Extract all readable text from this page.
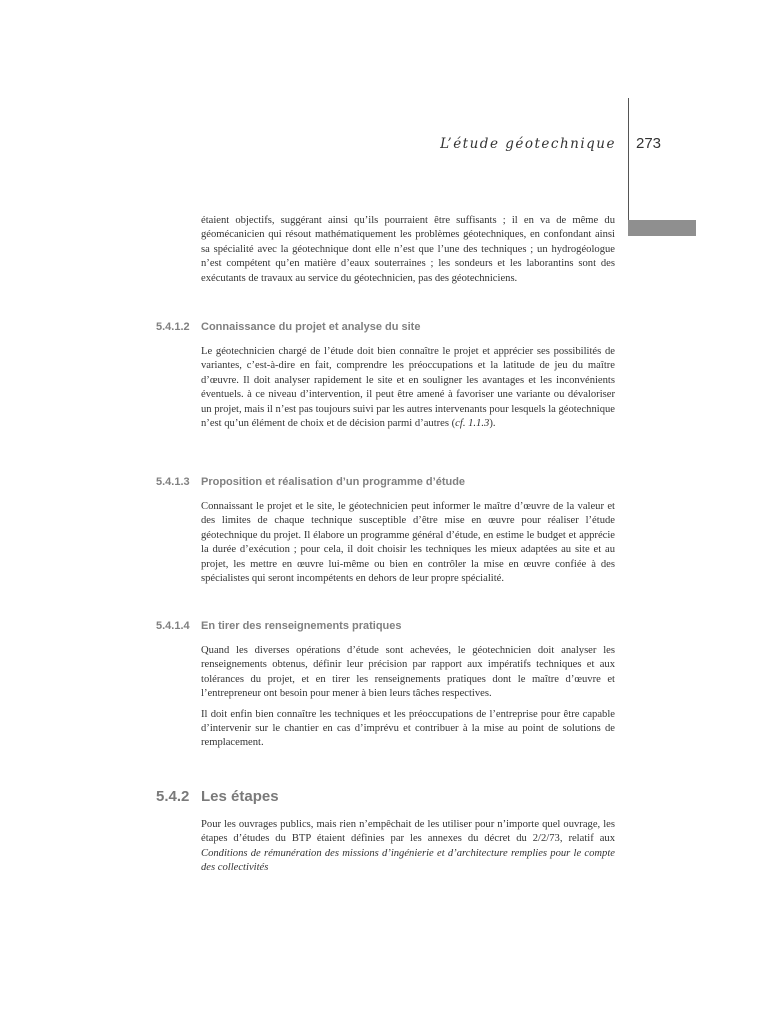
L’étude géotechnique 273

étaient objectifs, suggérant ainsi qu’ils pourraient être suffisants ; il en va de même du géomécanicien qui résout mathématiquement les problèmes géotechniques, en confondant ainsi sa spécialité avec la géotechnique dont elle n’est que l’une des techniques ; un hydrogéologue n’est compétent qu’en matière d’eaux souterraines ; les sondeurs et les laborantins sont des exécutants de travaux au service du géotechnicien, pas des géotechniciens.

5.4.1.2 Connaissance du projet et analyse du site

Le géotechnicien chargé de l’étude doit bien connaître le projet et apprécier ses possibilités de variantes, c’est-à-dire en fait, comprendre les préoccupations et la latitude de jeu du maître d’œuvre. Il doit analyser rapidement le site et en souligner les avantages et les inconvénients éventuels. à ce niveau d’intervention, il peut être amené à favoriser une variante ou dévaloriser un projet, mais il n’est pas toujours suivi par les autres intervenants pour lesquels la géotechnique n’est qu’un élément de choix et de décision parmi d’autres (cf. 1.1.3).

5.4.1.3 Proposition et réalisation d’un programme d’étude

Connaissant le projet et le site, le géotechnicien peut informer le maître d’œuvre de la valeur et des limites de chaque technique susceptible d’être mise en œuvre pour réaliser l’étude géotechnique du projet. Il élabore un programme général d’étude, en estime le budget et apprécie la durée d’exécution ; pour cela, il doit choisir les techniques les mieux adaptées au site et au projet, les mettre en œuvre lui-même ou bien en contrôler la mise en œuvre confiée à des spécialistes qui seront incompétents en dehors de leur propre spécialité.

5.4.1.4 En tirer des renseignements pratiques

Quand les diverses opérations d’étude sont achevées, le géotechnicien doit analyser les renseignements obtenus, définir leur précision par rapport aux impératifs techniques et aux tolérances du projet, et en tirer les renseignements pratiques dont le maître d’œuvre et l’entrepreneur ont besoin pour mener à bien leurs tâches respectives.

Il doit enfin bien connaître les techniques et les préoccupations de l’entreprise pour être capable d’intervenir sur le chantier en cas d’imprévu et contribuer à la mise au point de solutions de remplacement.

5.4.2 Les étapes

Pour les ouvrages publics, mais rien n’empêchait de les utiliser pour n’importe quel ouvrage, les étapes d’études du BTP étaient définies par les annexes du décret du 2/2/73, relatif aux Conditions de rémunération des missions d’ingénierie et d’architecture remplies pour le compte des collectivités
